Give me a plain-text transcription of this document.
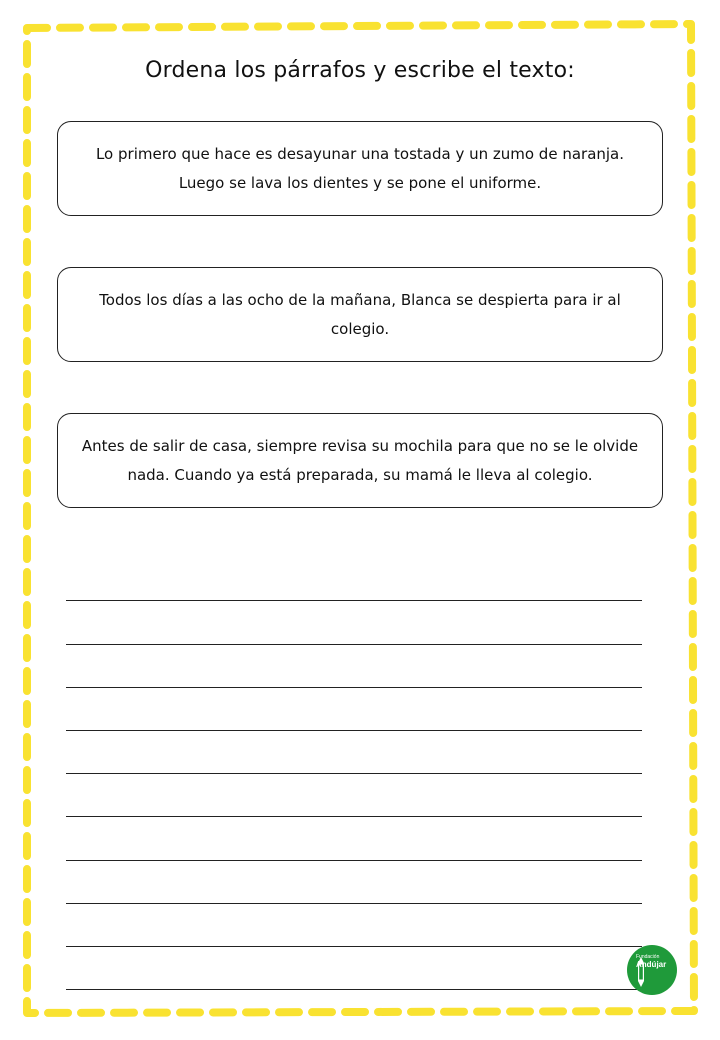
Ordena los párrafos y escribe el texto:
Lo primero que hace es desayunar una tostada y un zumo de naranja. Luego se lava los dientes y se pone el uniforme.
Todos los días a las ocho de la mañana, Blanca se despierta para ir al colegio.
Antes de salir de casa, siempre revisa su mochila para que no se le olvide nada. Cuando ya está preparada, su mamá le lleva al colegio.
Fundación
Andújar
